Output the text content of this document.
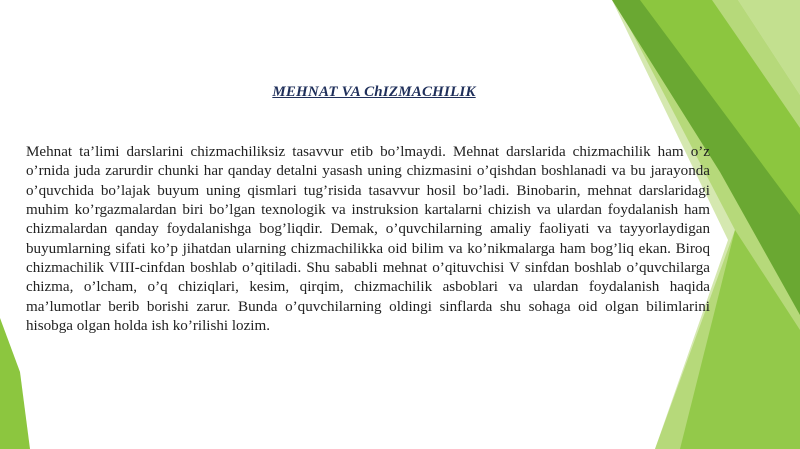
MEHNAT VA ChIZMACHILIK

Mehnat ta’limi darslarini chizmachiliksiz tasavvur etib bo’lmaydi. Mehnat darslarida chizmachilik ham o’z o’rnida juda zarurdir chunki har qanday detalni yasash uning chizmasini o’qishdan boshlanadi va bu jarayonda o’quvchida bo’lajak buyum uning qismlari tug’risida tasavvur hosil bo’ladi. Binobarin, mehnat darslaridagi muhim ko’rgazmalardan biri bo’lgan texnologik va instruksion kartalarni chizish va ulardan foydalanish ham chizmalardan qanday foydalanishga bog’liqdir. Demak, o’quvchilarning amaliy faoliyati va tayyorlaydigan buyumlarning sifati ko’p jihatdan ularning chizmachilikka oid bilim va ko’nikmalarga ham bog’liq ekan. Biroq chizmachilik VIII-cinfdan boshlab o’qitiladi. Shu sababli mehnat o’qituvchisi V sinfdan boshlab o’quvchilarga chizma, o’lcham, o’q chiziqlari, kesim, qirqim, chizmachilik asboblari va ulardan foydalanish haqida ma’lumotlar berib borishi zarur. Bunda o’quvchilarning oldingi sinflarda shu sohaga oid olgan bilimlarini hisobga olgan holda ish ko’rilishi lozim.
